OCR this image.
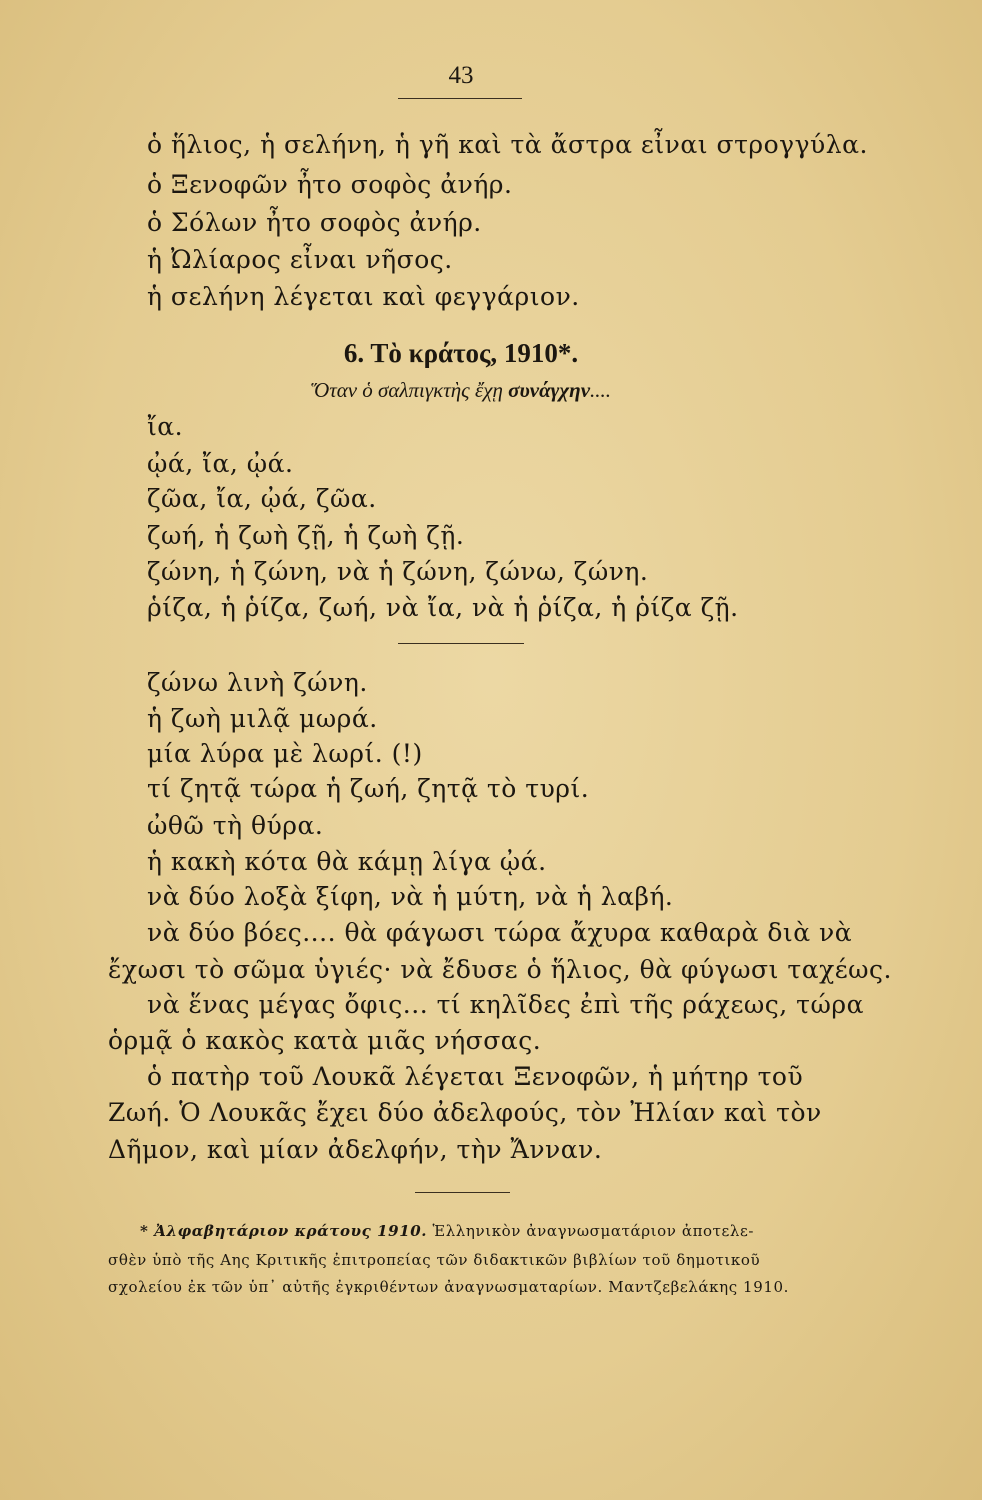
43
ὁ ἥλιος, ἡ σελήνη, ἡ γῆ καὶ τὰ ἄστρα εἶναι στρογγύλα.
ὁ Ξενοφῶν ἦτο σοφὸς ἀνήρ.
ὁ Σόλων ἦτο σοφὸς ἀνήρ.
ἡ Ὠλίαρος εἶναι νῆσος.
ἡ σελήνη λέγεται καὶ φεγγάριον.
6. Τὸ κράτος, 1910*.
Ὅταν ὁ σαλπιγκτὴς ἔχῃ συνάγχην....
ἴα.
ᾠά, ἴα, ᾠά.
ζῶα, ἴα, ᾠά, ζῶα.
ζωή, ἡ ζωὴ ζῇ, ἡ ζωὴ ζῇ.
ζώνη, ἡ ζώνη, νὰ ἡ ζώνη, ζώνω, ζώνη.
ῥίζα, ἡ ῥίζα, ζωή, νὰ ἴα, νὰ ἡ ῥίζα, ἡ ῥίζα ζῇ.
ζώνω λινὴ ζώνη.
ἡ ζωὴ μιλᾷ μωρά.
μία λύρα μὲ λωρί. (!)
τί ζητᾷ τώρα ἡ ζωή, ζητᾷ τὸ τυρί.
ὠθῶ τὴ θύρα.
ἡ κακὴ κότα θὰ κάμῃ λίγα ᾠά.
νὰ δύο λοξὰ ξίφη, νὰ ἡ μύτη, νὰ ἡ λαβή.
νὰ δύο βόες.... θὰ φάγωσι τώρα ἄχυρα καθαρὰ διὰ νὰ
ἔχωσι τὸ σῶμα ὑγιές· νὰ ἔδυσε ὁ ἥλιος, θὰ φύγωσι ταχέως.
νὰ ἕνας μέγας ὄφις... τί κηλῖδες ἐπὶ τῆς ράχεως, τώρα
ὁρμᾷ ὁ κακὸς κατὰ μιᾶς νήσσας.
ὁ πατὴρ τοῦ Λουκᾶ λέγεται Ξενοφῶν, ἡ μήτηρ τοῦ
Ζωή. Ὁ Λουκᾶς ἔχει δύο ἀδελφούς, τὸν Ἠλίαν καὶ τὸν
Δῆμον, καὶ μίαν ἀδελφήν, τὴν Ἄνναν.
* Ἀλφαβητάριον κράτους 1910. Ἑλληνικὸν ἀναγνωσματάριον ἀποτελε-
σθὲν ὑπὸ τῆς Αης Κριτικῆς ἐπιτροπείας τῶν διδακτικῶν βιβλίων τοῦ δημοτικοῦ
σχολείου ἐκ τῶν ὑπ᾽ αὐτῆς ἐγκριθέντων ἀναγνωσματαρίων. Μαντζεβελάκης 1910.
